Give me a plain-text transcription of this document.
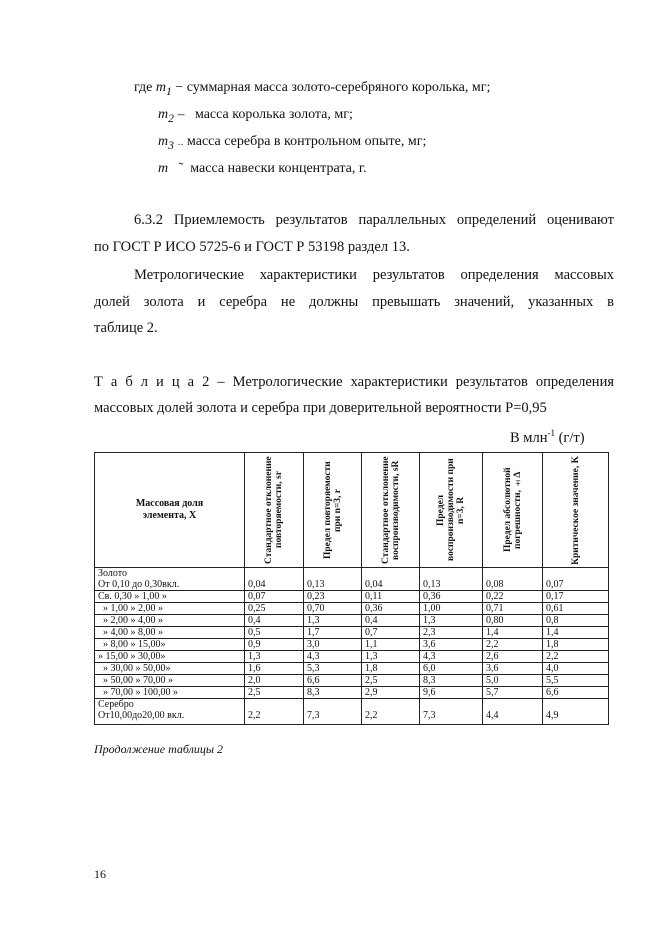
где $m_1$ − суммарная масса золото-серебряного королька, мг;
$m_2$ – масса королька золота, мг;
$m_3$ ‥ масса серебра в контрольном опыте, мг;
m ˜ масса навески концентрата, г.
6.3.2 Приемлемость результатов параллельных определений оценивают
по ГОСТ Р ИСО 5725-6 и ГОСТ Р 53198 раздел 13.
Метрологические характеристики результатов определения массовых
долей золота и серебра не должны превышать значений, указанных в
таблице 2.
Т а б л и ц а 2 – Метрологические характеристики результатов определения
массовых долей золота и серебра при доверительной вероятности P=0,95
В млн$^{-1}$ (г/т)
Массовая доля элемента, X	Стандартное отклонение повторяемости, sr	Предел повторяемости при n=3, r	Стандартное отклонение воспроизводимости, sR	Предел воспроизводимости при n=3, R	Предел абсолютной погрешности, ±Δ	Критическое значение, K

Золото
От 0,10 до 0,30вкл.	0,04	0,13	0,04	0,13	0,08	0,07
Св. 0,30 » 1,00 »	0,07	0,23	0,11	0,36	0,22	0,17
» 1,00 » 2,00 »	0,25	0,70	0,36	1,00	0,71	0,61
» 2,00 » 4,00 »	0,4	1,3	0,4	1,3	0,80	0,8
» 4,00 » 8,00 »	0,5	1,7	0,7	2,3	1,4	1,4
» 8,00 » 15,00»	0,9	3,0	1,1	3,6	2,2	1,8
» 15,00 » 30,00»	1,3	4,3	1,3	4,3	2,6	2,2
» 30,00 » 50,00»	1,6	5,3	1,8	6,0	3,6	4,0
» 50,00 » 70,00 »	2,0	6,6	2,5	8,3	5,0	5,5
» 70,00 » 100,00 »	2,5	8,3	2,9	9,6	5,7	6,6

Серебро
От10,00до20,00 вкл.	2,2	7,3	2,2	7,3	4,4	4,9
Продолжение таблицы 2
16
